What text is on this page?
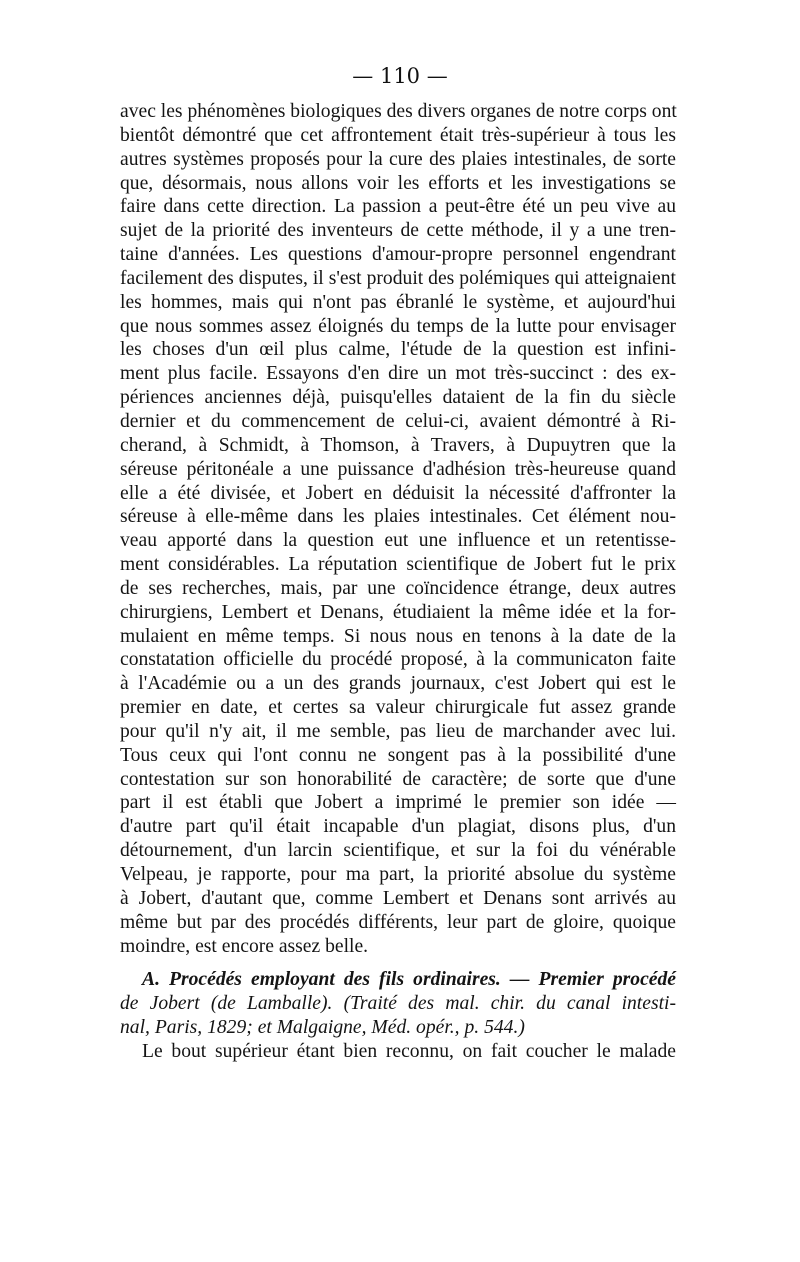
— 110 —
avec les phénomènes biologiques des divers organes de notre corps ont
bientôt démontré que cet affrontement était très-supérieur à tous les
autres systèmes proposés pour la cure des plaies intestinales, de sorte
que, désormais, nous allons voir les efforts et les investigations se
faire dans cette direction. La passion a peut-être été un peu vive au
sujet de la priorité des inventeurs de cette méthode, il y a une tren-
taine d'années. Les questions d'amour-propre personnel engendrant
facilement des disputes, il s'est produit des polémiques qui atteignaient
les hommes, mais qui n'ont pas ébranlé le système, et aujourd'hui
que nous sommes assez éloignés du temps de la lutte pour envisager
les choses d'un œil plus calme, l'étude de la question est infini-
ment plus facile. Essayons d'en dire un mot très-succinct : des ex-
périences anciennes déjà, puisqu'elles dataient de la fin du siècle
dernier et du commencement de celui-ci, avaient démontré à Ri-
cherand, à Schmidt, à Thomson, à Travers, à Dupuytren que la
séreuse péritonéale a une puissance d'adhésion très-heureuse quand
elle a été divisée, et Jobert en déduisit la nécessité d'affronter la
séreuse à elle-même dans les plaies intestinales. Cet élément nou-
veau apporté dans la question eut une influence et un retentisse-
ment considérables. La réputation scientifique de Jobert fut le prix
de ses recherches, mais, par une coïncidence étrange, deux autres
chirurgiens, Lembert et Denans, étudiaient la même idée et la for-
mulaient en même temps. Si nous nous en tenons à la date de la
constatation officielle du procédé proposé, à la communicaton faite
à l'Académie ou a un des grands journaux, c'est Jobert qui est le
premier en date, et certes sa valeur chirurgicale fut assez grande
pour qu'il n'y ait, il me semble, pas lieu de marchander avec lui.
Tous ceux qui l'ont connu ne songent pas à la possibilité d'une
contestation sur son honorabilité de caractère; de sorte que d'une
part il est établi que Jobert a imprimé le premier son idée —
d'autre part qu'il était incapable d'un plagiat, disons plus, d'un
détournement, d'un larcin scientifique, et sur la foi du vénérable
Velpeau, je rapporte, pour ma part, la priorité absolue du système
à Jobert, d'autant que, comme Lembert et Denans sont arrivés au
même but par des procédés différents, leur part de gloire, quoique
moindre, est encore assez belle.
A. Procédés employant des fils ordinaires. — Premier procédé
de Jobert (de Lamballe). (Traité des mal. chir. du canal intesti-
nal, Paris, 1829; et Malgaigne, Méd. opér., p. 544.)
Le bout supérieur étant bien reconnu, on fait coucher le malade
